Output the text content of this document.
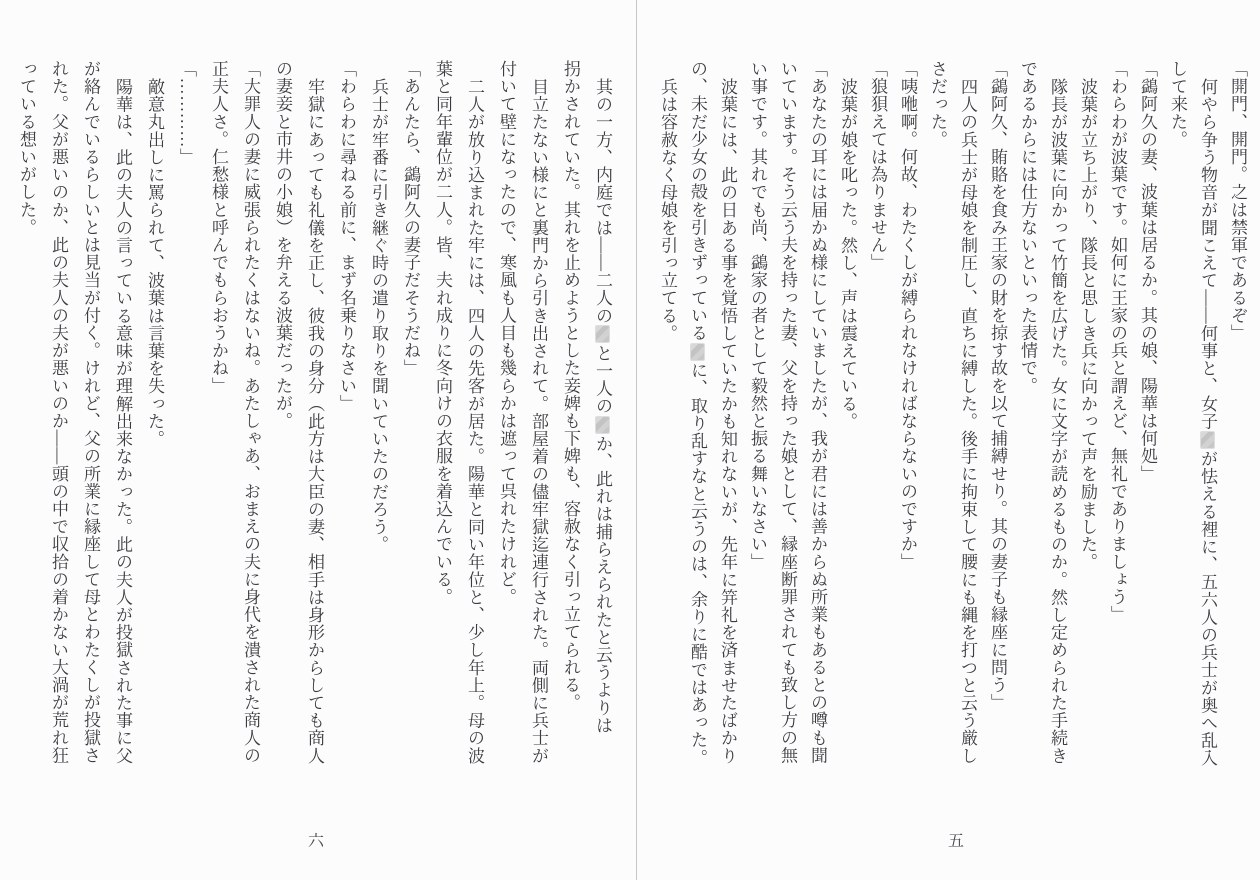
「開門、開門。之は禁軍であるぞ」
何やら争う物音が聞こえて――何事と、女子が怯える裡に、五六人の兵士が奥へ乱入
して来た。
「鷁阿久の妻、波葉は居るか。其の娘、陽華は何処」
「わらわが波葉です。如何に王家の兵と謂えど、無礼でありましょう」
波葉が立ち上がり、隊長と思しき兵に向かって声を励ました。
隊長が波葉に向かって竹簡を広げた。女に文字が読めるものか。然し定められた手続き
であるからには仕方ないといった表情で。
「鷁阿久、賄賂を食み王家の財を掠す故を以て捕縛せり。其の妻子も縁座に問う」
四人の兵士が母娘を制圧し、直ちに縛した。後手に拘束して腰にも縄を打つと云う厳し
さだった。
「咦咃啊。何故、わたくしが縛られなければならないのですか」
「狼狽えては為りません」
波葉が娘を叱った。然し、声は震えている。
「あなたの耳には届かぬ様にしていましたが、我が君には善からぬ所業もあるとの噂も聞
いています。そう云う夫を持った妻、父を持った娘として、縁座断罪されても致し方の無
い事です。其れでも尚、鷁家の者として毅然と振る舞いなさい」
波葉には、此の日ある事を覚悟していたかも知れないが、先年に笄礼を済ませたばかり
の、未だ少女の殻を引きずっているに、取り乱すなと云うのは、余りに酷ではあった。
兵は容赦なく母娘を引っ立てる。
其の一方、内庭では――二人のと一人のか、此れは捕らえられたと云うよりは
拐かされていた。其れを止めようとした妾婢も下婢も、容赦なく引っ立てられる。
目立たない様にと裏門から引き出されて。部屋着の儘牢獄迄連行された。両側に兵士が
付いて壁になったので、寒風も人目も幾らかは遮って呉れたけれど。
二人が放り込まれた牢には、四人の先客が居た。陽華と同い年位と、少し年上。母の波
葉と同年輩位が二人。皆、夫れ成りに冬向けの衣服を着込んでいる。
「あんたら、鷁阿久の妻子だそうだね」
兵士が牢番に引き継ぐ時の遣り取りを聞いていたのだろう。
「わらわに尋ねる前に、まず名乗りなさい」
牢獄にあっても礼儀を正し、彼我の身分（此方は大臣の妻、相手は身形からしても商人
の妻妾と市井の小娘）を弁える波葉だったが。
「大罪人の妻に威張られたくはないね。あたしゃあ、おまえの夫に身代を潰された商人の
正夫人さ。仁愁様と呼んでもらおうかね」
「…………」
敵意丸出しに罵られて、波葉は言葉を失った。
陽華は、此の夫人の言っている意味が理解出来なかった。此の夫人が投獄された事に父
が絡んでいるらしいとは見当が付く。けれど、父の所業に縁座して母とわたくしが投獄さ
れた。父が悪いのか、此の夫人の夫が悪いのか――頭の中で収拾の着かない大渦が荒れ狂
っている想いがした。
五
六
